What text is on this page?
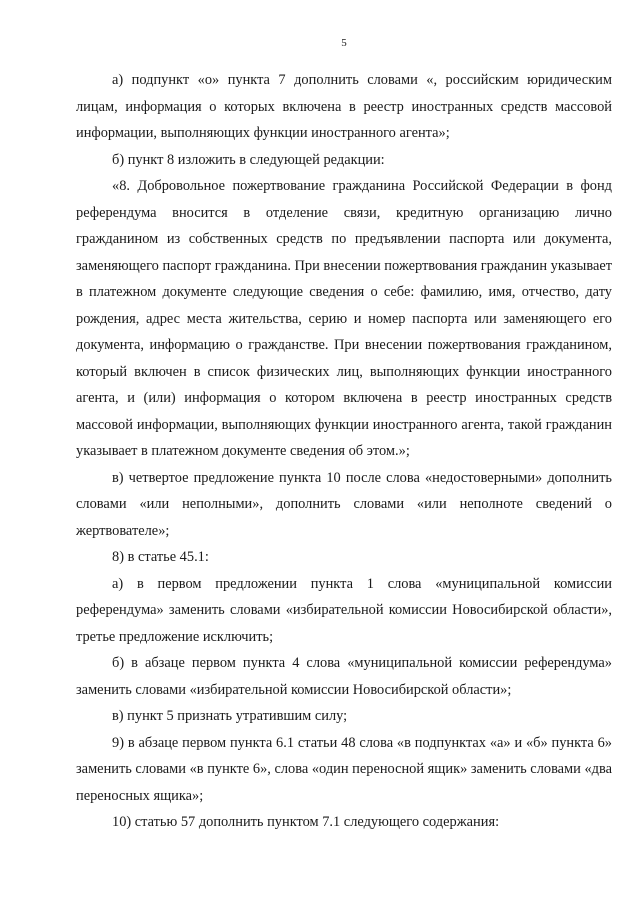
5

а) подпункт «о» пункта 7 дополнить словами «, российским юридическим лицам, информация о которых включена в реестр иностранных средств массовой информации, выполняющих функции иностранного агента»;

б) пункт 8 изложить в следующей редакции:

«8. Добровольное пожертвование гражданина Российской Федерации в фонд референдума вносится в отделение связи, кредитную организацию лично гражданином из собственных средств по предъявлении паспорта или документа, заменяющего паспорт гражданина. При внесении пожертвования гражданин указывает в платежном документе следующие сведения о себе: фамилию, имя, отчество, дату рождения, адрес места жительства, серию и номер паспорта или заменяющего его документа, информацию о гражданстве. При внесении пожертвования гражданином, который включен в список физических лиц, выполняющих функции иностранного агента, и (или) информация о котором включена в реестр иностранных средств массовой информации, выполняющих функции иностранного агента, такой гражданин указывает в платежном документе сведения об этом.»;

в) четвертое предложение пункта 10 после слова «недостоверными» дополнить словами «или неполными», дополнить словами «или неполноте сведений о жертвователе»;

8) в статье 45.1:

а) в первом предложении пункта 1 слова «муниципальной комиссии референдума» заменить словами «избирательной комиссии Новосибирской области», третье предложение исключить;

б) в абзаце первом пункта 4 слова «муниципальной комиссии референдума» заменить словами «избирательной комиссии Новосибирской области»;

в) пункт 5 признать утратившим силу;

9) в абзаце первом пункта 6.1 статьи 48 слова «в подпунктах «а» и «б» пункта 6» заменить словами «в пункте 6», слова «один переносной ящик» заменить словами «два переносных ящика»;

10) статью 57 дополнить пунктом 7.1 следующего содержания:
